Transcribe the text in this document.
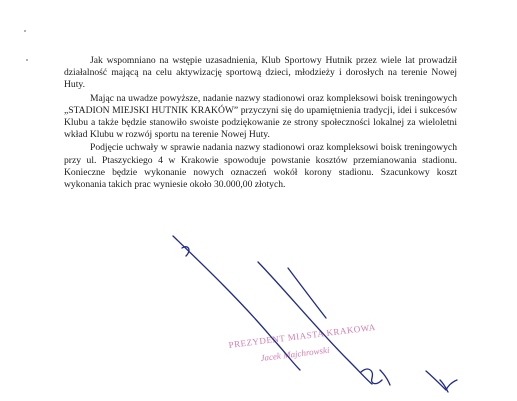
Jak wspomniano na wstępie uzasadnienia, Klub Sportowy Hutnik przez wiele lat prowadził działalność mającą na celu aktywizację sportową dzieci, młodzieży i dorosłych na terenie Nowej Huty.

Mając na uwadze powyższe, nadanie nazwy stadionowi oraz kompleksowi boisk treningowych „STADION MIEJSKI HUTNIK KRAKÓW” przyczyni się do upamiętnienia tradycji, idei i sukcesów Klubu a także będzie stanowiło swoiste podziękowanie ze strony społeczności lokalnej za wieloletni wkład Klubu w rozwój sportu na terenie Nowej Huty.

Podjęcie uchwały w sprawie nadania nazwy stadionowi oraz kompleksowi boisk treningowych przy ul. Ptaszyckiego 4 w Krakowie spowoduje powstanie kosztów przemianowania stadionu. Konieczne będzie wykonanie nowych oznaczeń wokół korony stadionu. Szacunkowy koszt wykonania takich prac wyniesie około 30.000,00 złotych.

PREZYDENT MIASTA KRAKOWA
Jacek Majchrowski
